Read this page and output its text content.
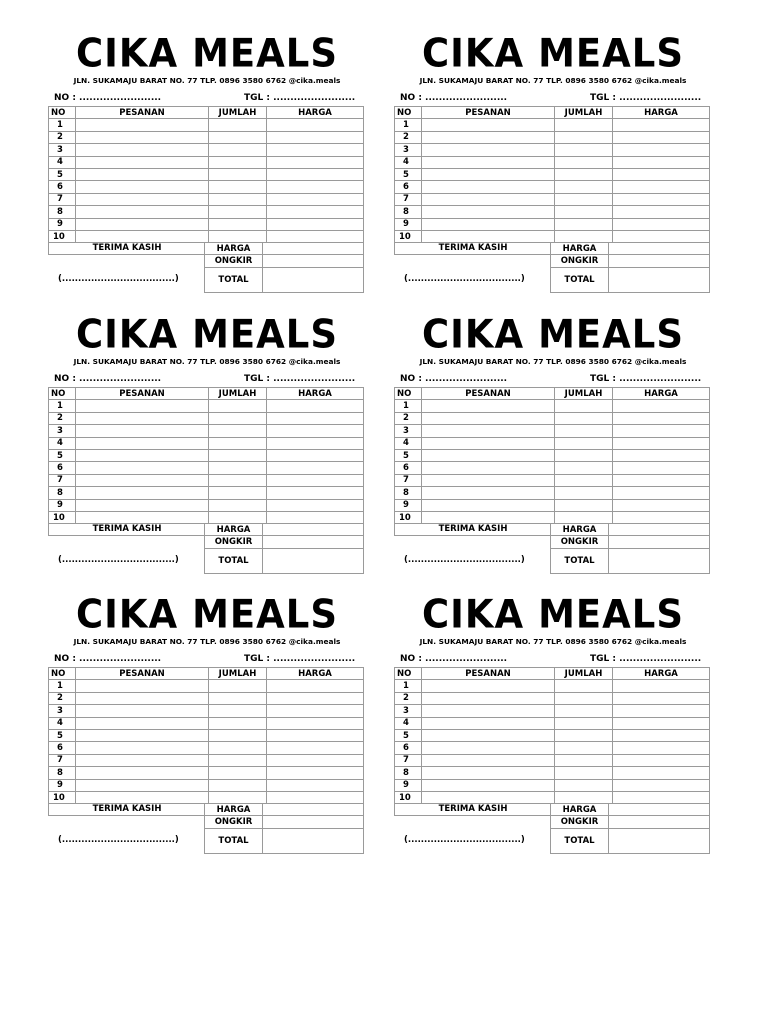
CIKA MEALS
JLN. SUKAMAJU BARAT NO. 77 TLP. 0896 3580 6762 @cika.meals
NO : ........................	TGL : ........................
NO	PESANAN	JUMLAH	HARGA
1			
2			
3			
4			
5			
6			
7			
8			
9			
10			
TERIMA KASIH
(...................................)
HARGA	
ONGKIR	
TOTAL	
CIKA MEALS
JLN. SUKAMAJU BARAT NO. 77 TLP. 0896 3580 6762 @cika.meals
NO : ........................	TGL : ........................
NO	PESANAN	JUMLAH	HARGA
1			
2			
3			
4			
5			
6			
7			
8			
9			
10			
TERIMA KASIH
(...................................)
HARGA	
ONGKIR	
TOTAL	
CIKA MEALS
JLN. SUKAMAJU BARAT NO. 77 TLP. 0896 3580 6762 @cika.meals
NO : ........................	TGL : ........................
NO	PESANAN	JUMLAH	HARGA
1			
2			
3			
4			
5			
6			
7			
8			
9			
10			
TERIMA KASIH
(...................................)
HARGA	
ONGKIR	
TOTAL	
CIKA MEALS
JLN. SUKAMAJU BARAT NO. 77 TLP. 0896 3580 6762 @cika.meals
NO : ........................	TGL : ........................
NO	PESANAN	JUMLAH	HARGA
1			
2			
3			
4			
5			
6			
7			
8			
9			
10			
TERIMA KASIH
(...................................)
HARGA	
ONGKIR	
TOTAL	
CIKA MEALS
JLN. SUKAMAJU BARAT NO. 77 TLP. 0896 3580 6762 @cika.meals
NO : ........................	TGL : ........................
NO	PESANAN	JUMLAH	HARGA
1			
2			
3			
4			
5			
6			
7			
8			
9			
10			
TERIMA KASIH
(...................................)
HARGA	
ONGKIR	
TOTAL	
CIKA MEALS
JLN. SUKAMAJU BARAT NO. 77 TLP. 0896 3580 6762 @cika.meals
NO : ........................	TGL : ........................
NO	PESANAN	JUMLAH	HARGA
1			
2			
3			
4			
5			
6			
7			
8			
9			
10			
TERIMA KASIH
(...................................)
HARGA	
ONGKIR	
TOTAL	
